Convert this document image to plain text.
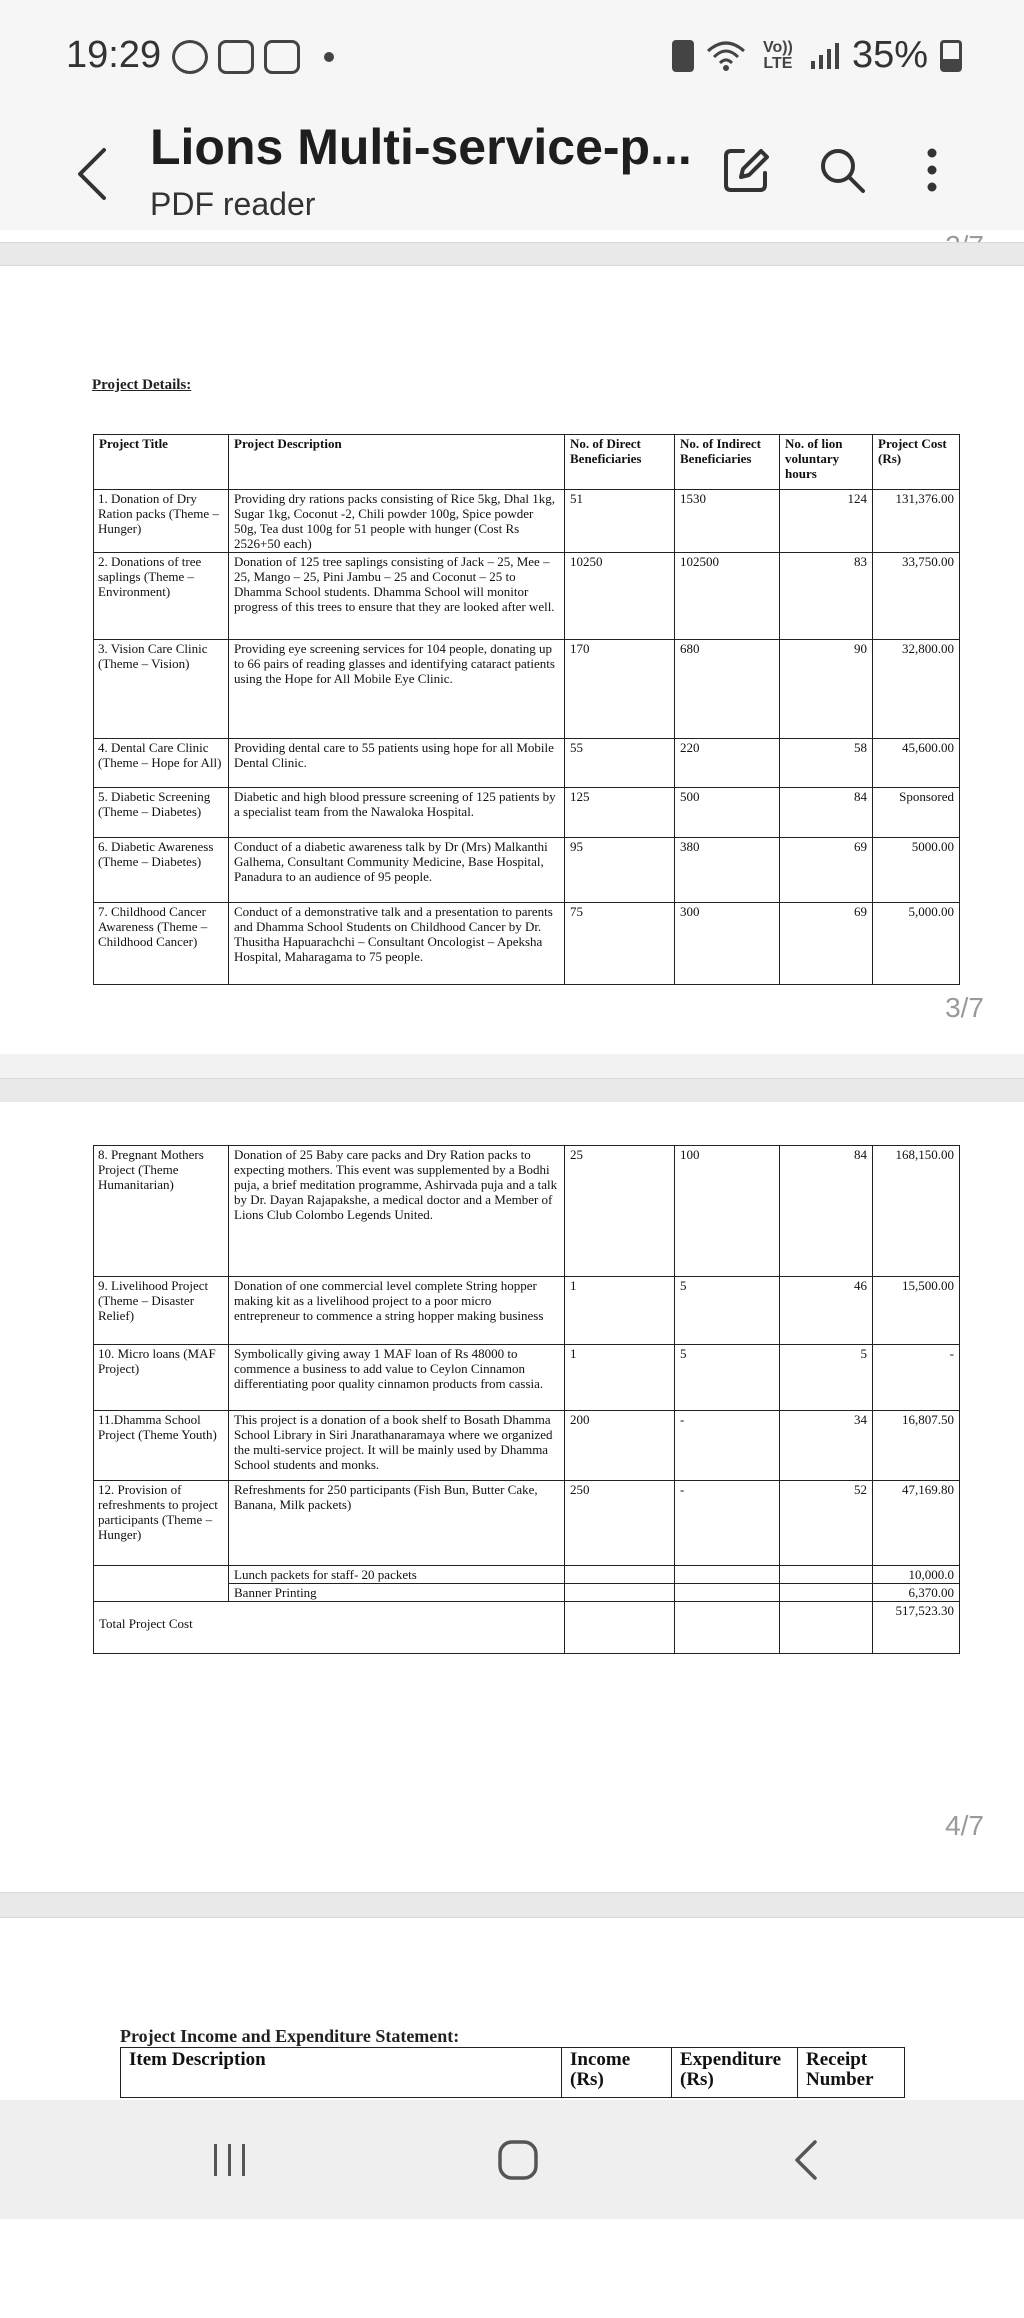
19:29	Vo)) LTE 35%
Lions Multi-service-p...
PDF reader
Project Details:
Project Title	Project Description	No. of Direct Beneficiaries	No. of Indirect Beneficiaries	No. of lion voluntary hours	Project Cost (Rs)
1. Donation of Dry Ration packs (Theme – Hunger)	Providing dry rations packs consisting of Rice 5kg, Dhal 1kg, Sugar 1kg, Coconut -2, Chili powder 100g, Spice powder 50g, Tea dust 100g for 51 people with hunger (Cost Rs 2526+50 each)	51	1530	124	131,376.00
2. Donations of tree saplings (Theme – Environment)	Donation of 125 tree saplings consisting of Jack – 25, Mee – 25, Mango – 25, Pini Jambu – 25 and Coconut – 25 to Dhamma School students. Dhamma School will monitor progress of this trees to ensure that they are looked after well.	10250	102500	83	33,750.00
3. Vision Care Clinic (Theme – Vision)	Providing eye screening services for 104 people, donating up to 66 pairs of reading glasses and identifying cataract patients using the Hope for All Mobile Eye Clinic.	170	680	90	32,800.00
4. Dental Care Clinic (Theme – Hope for All)	Providing dental care to 55 patients using hope for all Mobile Dental Clinic.	55	220	58	45,600.00
5. Diabetic Screening (Theme – Diabetes)	Diabetic and high blood pressure screening of 125 patients by a specialist team from the Nawaloka Hospital.	125	500	84	Sponsored
6. Diabetic Awareness (Theme – Diabetes)	Conduct of a diabetic awareness talk by Dr (Mrs) Malkanthi Galhema, Consultant Community Medicine, Base Hospital, Panadura to an audience of 95 people.	95	380	69	5000.00
7. Childhood Cancer Awareness (Theme – Childhood Cancer)	Conduct of a demonstrative talk and a presentation to parents and Dhamma School Students on Childhood Cancer by Dr. Thusitha Hapuarachchi – Consultant Oncologist – Apeksha Hospital, Maharagama to 75 people.	75	300	69	5,000.00
3/7
8. Pregnant Mothers Project (Theme Humanitarian)	Donation of 25 Baby care packs and Dry Ration packs to expecting mothers. This event was supplemented by a Bodhi puja, a brief meditation programme, Ashirvada puja and a talk by Dr. Dayan Rajapakshe, a medical doctor and a Member of Lions Club Colombo Legends United.	25	100	84	168,150.00
9. Livelihood Project (Theme – Disaster Relief)	Donation of one commercial level complete String hopper making kit as a livelihood project to a poor micro entrepreneur to commence a string hopper making business	1	5	46	15,500.00
10. Micro loans (MAF Project)	Symbolically giving away 1 MAF loan of Rs 48000 to commence a business to add value to Ceylon Cinnamon differentiating poor quality cinnamon products from cassia.	1	5	5	-
11.Dhamma School Project (Theme Youth)	This project is a donation of a book shelf to Bosath Dhamma School Library in Siri Jnarathanaramaya where we organized the multi-service project. It will be mainly used by Dhamma School students and monks.	200	-	34	16,807.50
12. Provision of refreshments to project participants (Theme – Hunger)	Refreshments for 250 participants (Fish Bun, Butter Cake, Banana, Milk packets)	250	-	52	47,169.80
	Lunch packets for staff- 20 packets				10,000.0
	Banner Printing				6,370.00
Total Project Cost					517,523.30
4/7
Project Income and Expenditure Statement:
Item Description	Income (Rs)	Expenditure (Rs)	Receipt Number
